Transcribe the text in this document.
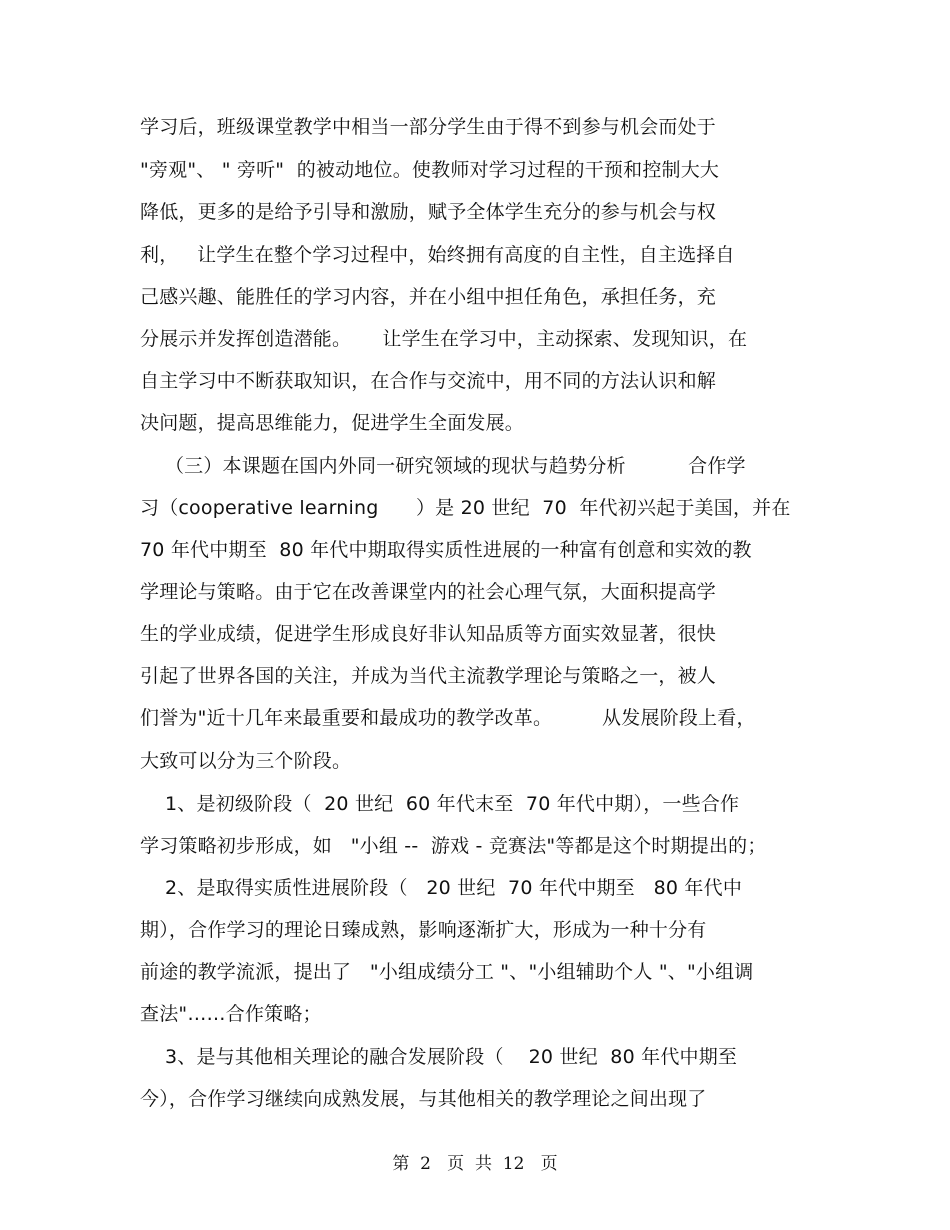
学习后，班级课堂教学中相当一部分学生由于得不到参与机会而处于
"旁观"、 " 旁听"  的被动地位。使教师对学习过程的干预和控制大大
降低，更多的是给予引导和激励，赋予全体学生充分的参与机会与权
利，   让学生在整个学习过程中，始终拥有高度的自主性，自主选择自
己感兴趣、能胜任的学习内容，并在小组中担任角色，承担任务，充
分展示并发挥创造潜能。     让学生在学习中，主动探索、发现知识，在
自主学习中不断获取知识，在合作与交流中，用不同的方法认识和解
决问题，提高思维能力，促进学生全面发展。
（三）本课题在国内外同一研究领域的现状与趋势分析          合作学
习（cooperative learning      ）是 20 世纪  70  年代初兴起于美国，并在
70 年代中期至  80 年代中期取得实质性进展的一种富有创意和实效的教
学理论与策略。由于它在改善课堂内的社会心理气氛，大面积提高学
生的学业成绩，促进学生形成良好非认知品质等方面实效显著，很快
引起了世界各国的关注，并成为当代主流教学理论与策略之一，被人
们誉为"近十几年来最重要和最成功的教学改革。        从发展阶段上看，
大致可以分为三个阶段。
1、是初级阶段（  20 世纪  60 年代末至  70 年代中期），一些合作
学习策略初步形成，如   "小组 --  游戏 - 竞赛法"等都是这个时期提出的；
2、是取得实质性进展阶段（   20 世纪  70 年代中期至   80 年代中
期），合作学习的理论日臻成熟，影响逐渐扩大，形成为一种十分有
前途的教学流派，提出了   "小组成绩分工 "、"小组辅助个人 "、"小组调
查法"……合作策略；
3、是与其他相关理论的融合发展阶段（    20 世纪  80 年代中期至
今），合作学习继续向成熟发展，与其他相关的教学理论之间出现了
第  2   页  共  12   页
